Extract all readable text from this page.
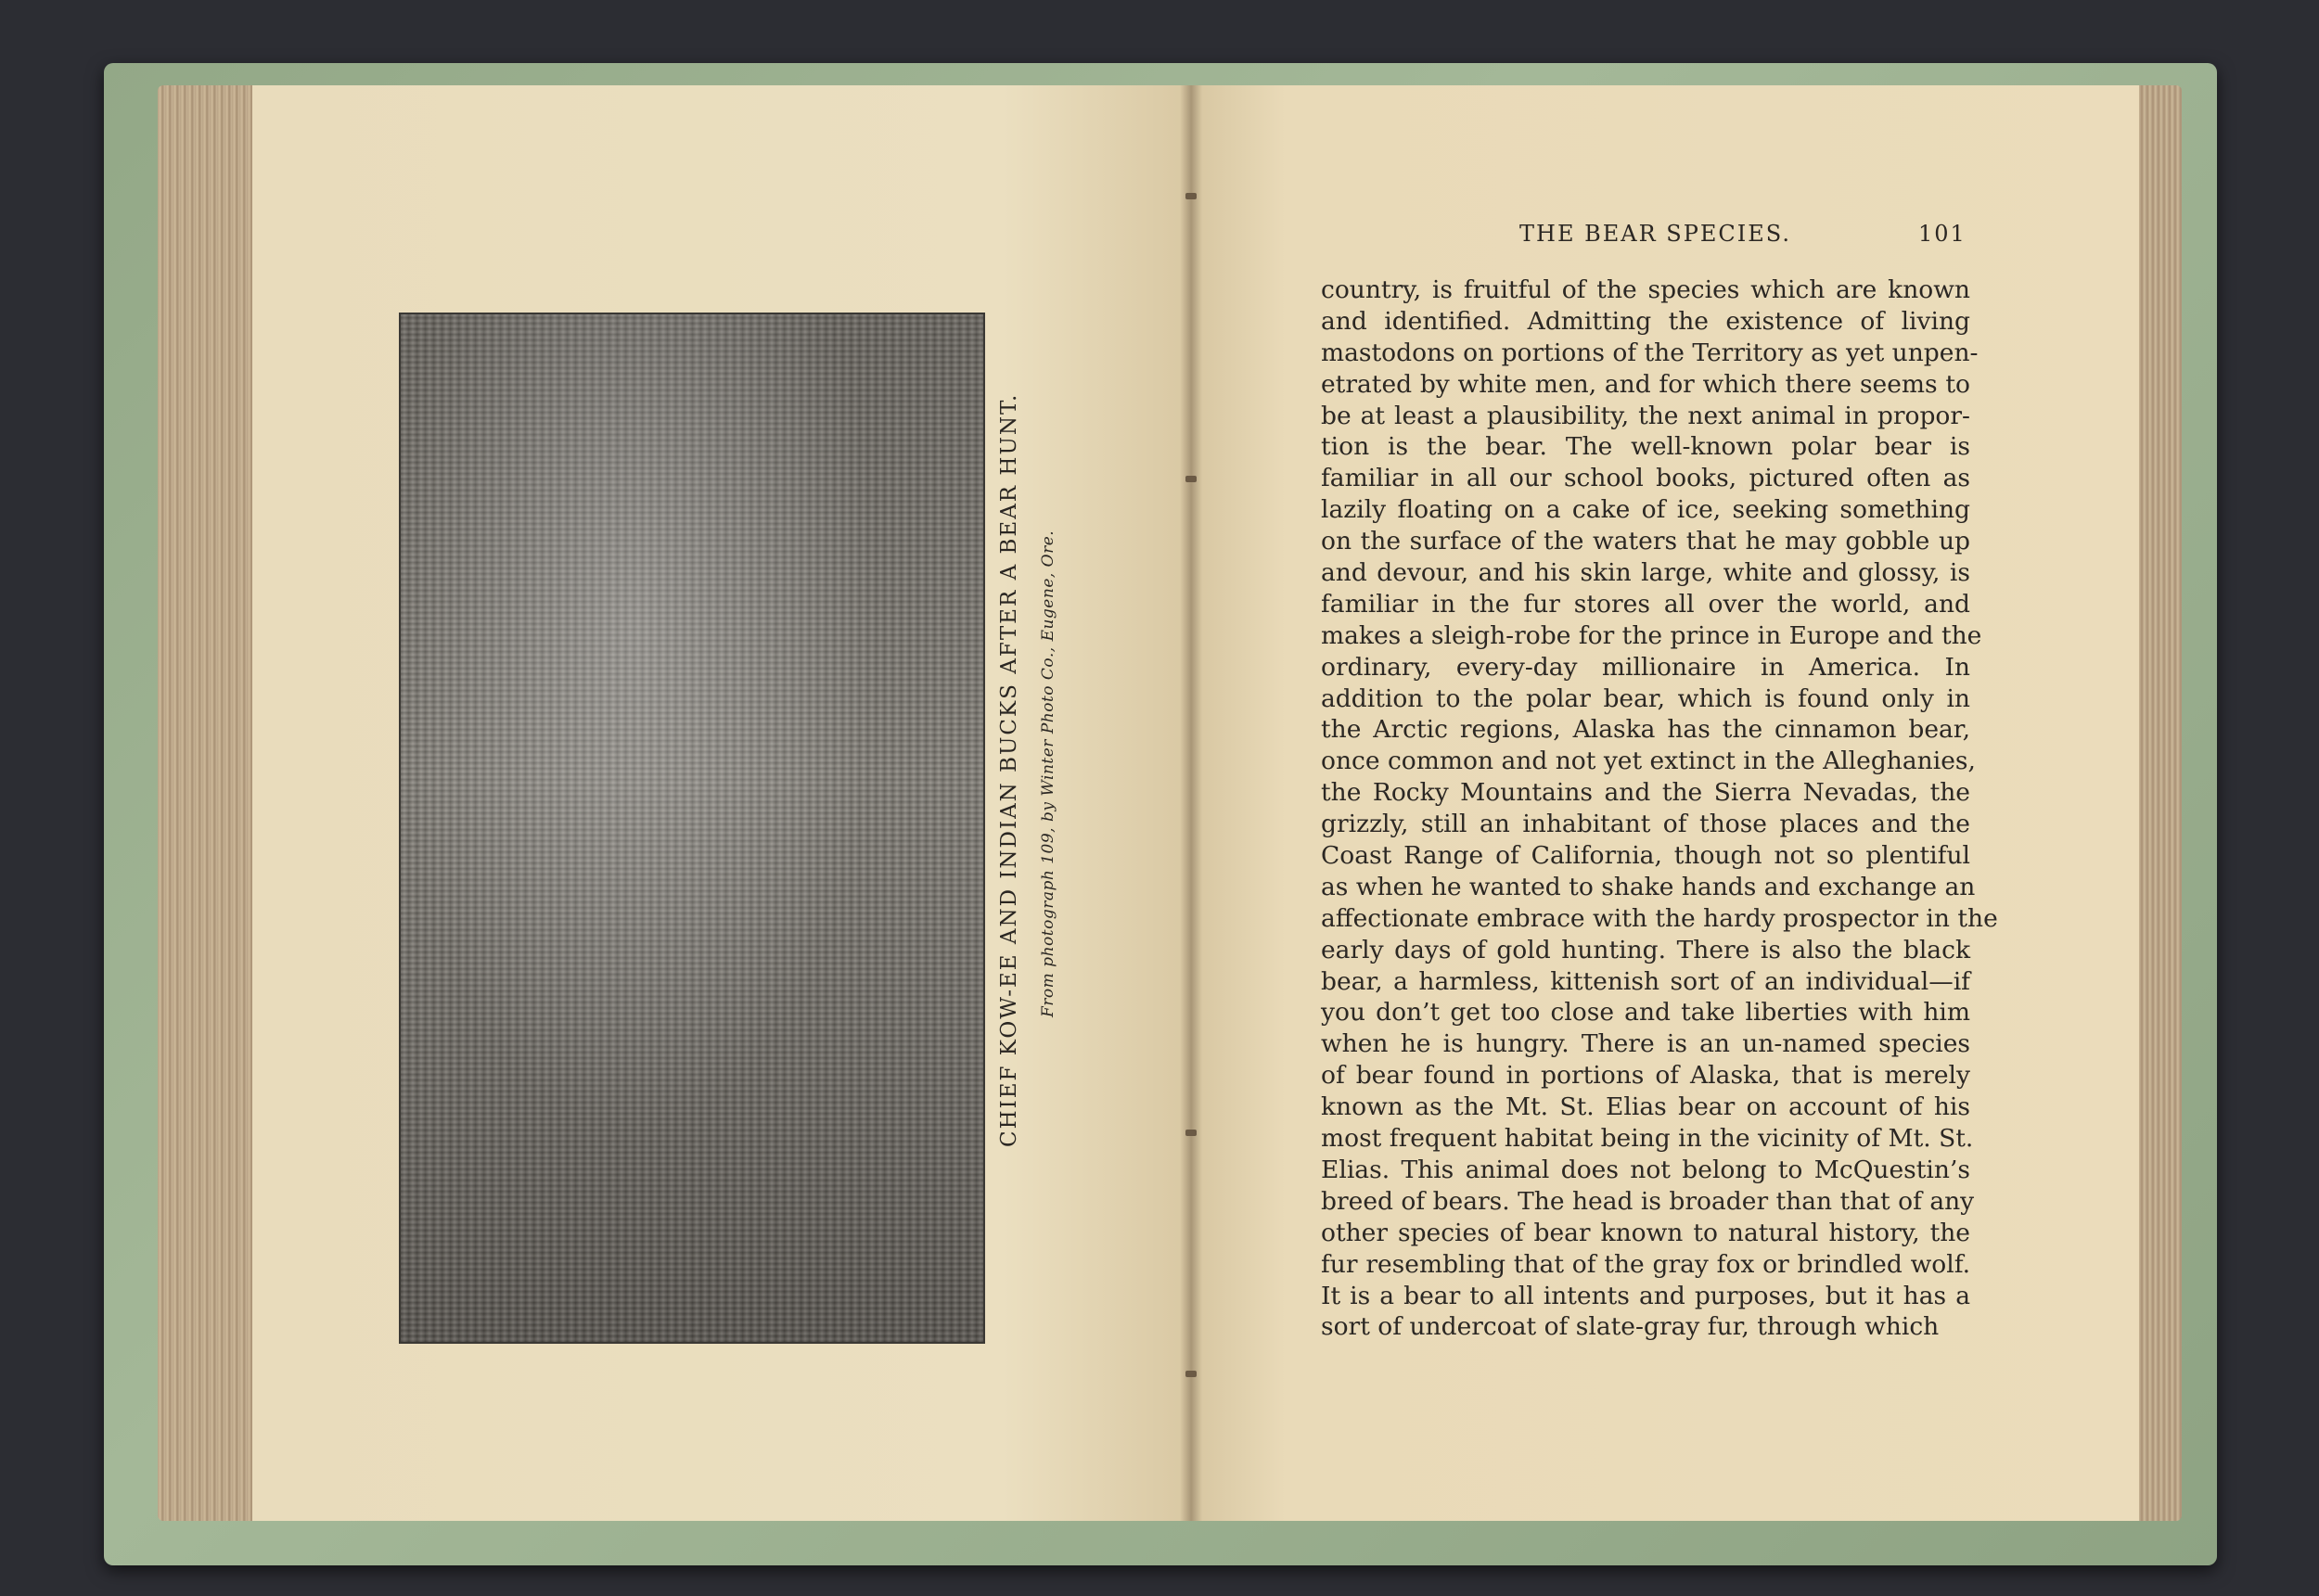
CHIEF KOW-EE AND INDIAN BUCKS AFTER A BEAR HUNT. From photograph 109, by Winter Photo Co., Eugene, Ore.
THE BEAR SPECIES.	101
country, is fruitful of the species which are known
and identified. Admitting the existence of living
mastodons on portions of the Territory as yet unpen-
etrated by white men, and for which there seems to
be at least a plausibility, the next animal in propor-
tion is the bear. The well-known polar bear is
familiar in all our school books, pictured often as
lazily floating on a cake of ice, seeking something
on the surface of the waters that he may gobble up
and devour, and his skin large, white and glossy, is
familiar in the fur stores all over the world, and
makes a sleigh-robe for the prince in Europe and the
ordinary, every-day millionaire in America. In
addition to the polar bear, which is found only in
the Arctic regions, Alaska has the cinnamon bear,
once common and not yet extinct in the Alleghanies,
the Rocky Mountains and the Sierra Nevadas, the
grizzly, still an inhabitant of those places and the
Coast Range of California, though not so plentiful
as when he wanted to shake hands and exchange an
affectionate embrace with the hardy prospector in the
early days of gold hunting. There is also the black
bear, a harmless, kittenish sort of an individual—if
you don’t get too close and take liberties with him
when he is hungry. There is an un-named species
of bear found in portions of Alaska, that is merely
known as the Mt. St. Elias bear on account of his
most frequent habitat being in the vicinity of Mt. St.
Elias. This animal does not belong to McQuestin’s
breed of bears. The head is broader than that of any
other species of bear known to natural history, the
fur resembling that of the gray fox or brindled wolf.
It is a bear to all intents and purposes, but it has a
sort of undercoat of slate-gray fur, through which
